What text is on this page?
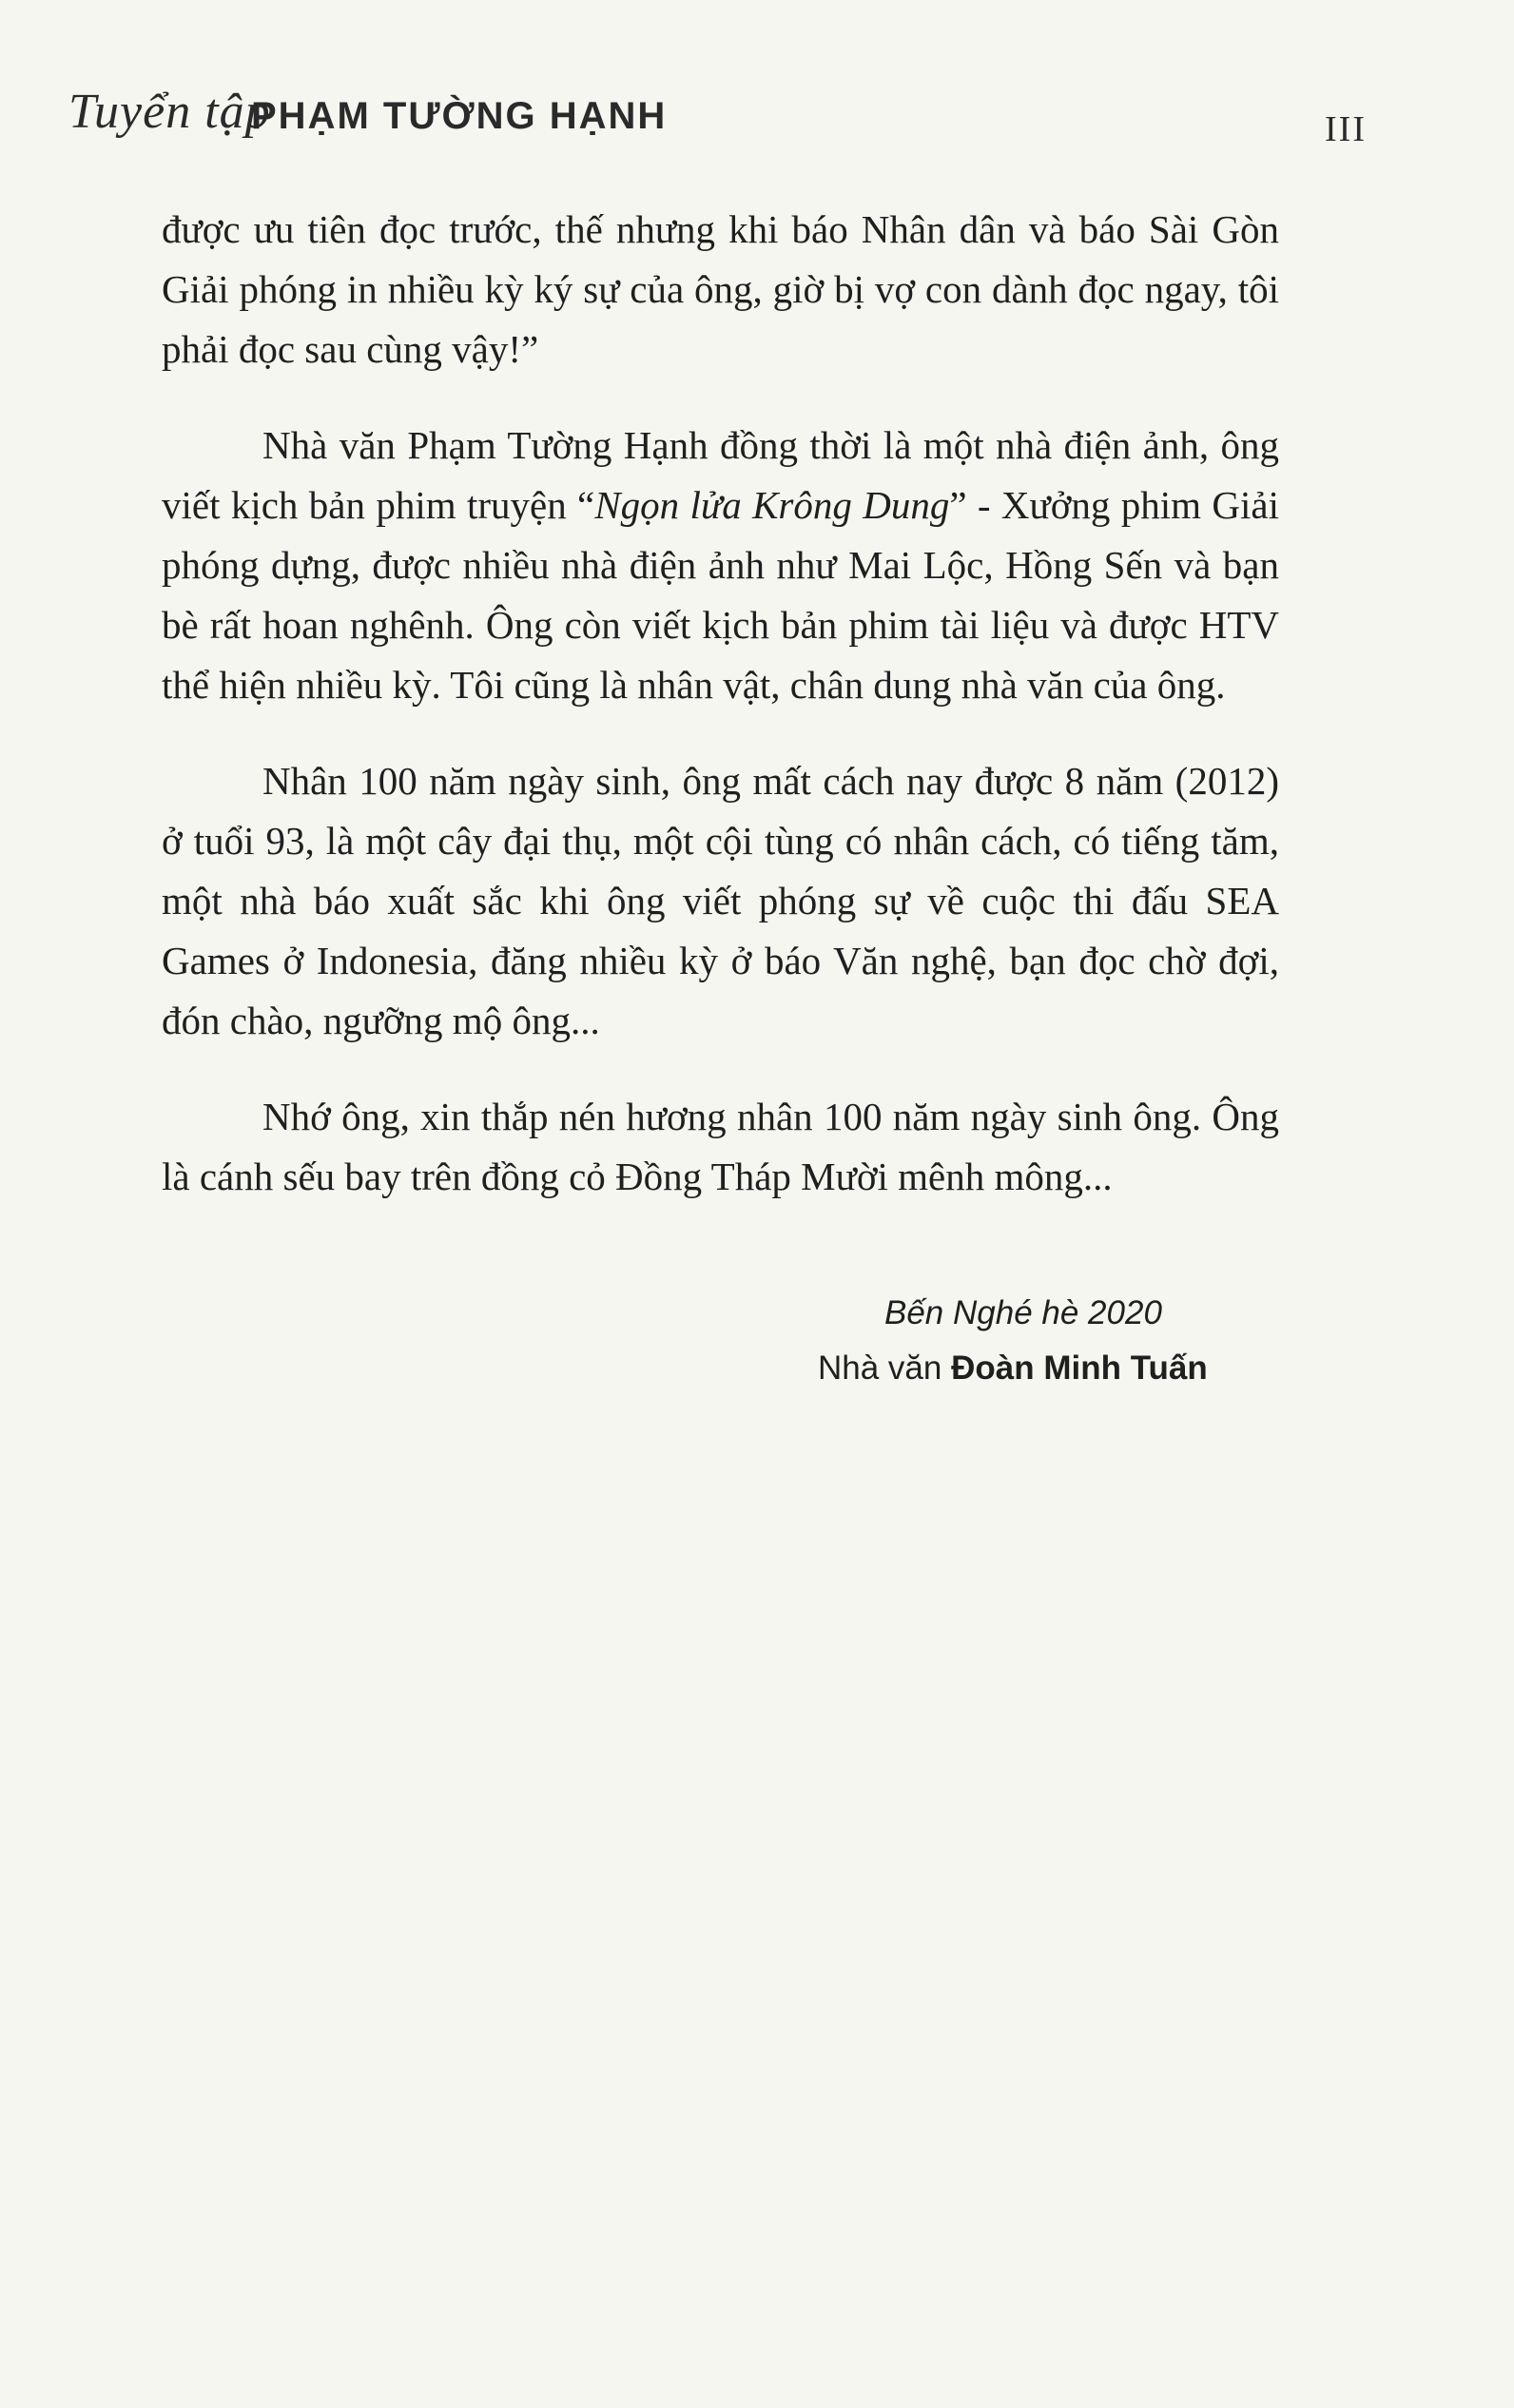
Tuyển tập
PHẠM TƯỜNG HẠNH	III

được ưu tiên đọc trước, thế nhưng khi báo Nhân dân và báo Sài Gòn Giải phóng in nhiều kỳ ký sự của ông, giờ bị vợ con dành đọc ngay, tôi phải đọc sau cùng vậy!”

Nhà văn Phạm Tường Hạnh đồng thời là một nhà điện ảnh, ông viết kịch bản phim truyện “Ngọn lửa Krông Dung” - Xưởng phim Giải phóng dựng, được nhiều nhà điện ảnh như Mai Lộc, Hồng Sến và bạn bè rất hoan nghênh. Ông còn viết kịch bản phim tài liệu và được HTV thể hiện nhiều kỳ. Tôi cũng là nhân vật, chân dung nhà văn của ông.

Nhân 100 năm ngày sinh, ông mất cách nay được 8 năm (2012) ở tuổi 93, là một cây đại thụ, một cội tùng có nhân cách, có tiếng tăm, một nhà báo xuất sắc khi ông viết phóng sự về cuộc thi đấu SEA Games ở Indonesia, đăng nhiều kỳ ở báo Văn nghệ, bạn đọc chờ đợi, đón chào, ngưỡng mộ ông...

Nhớ ông, xin thắp nén hương nhân 100 năm ngày sinh ông. Ông là cánh sếu bay trên đồng cỏ Đồng Tháp Mười mênh mông...

Bến Nghé hè 2020
Nhà văn Đoàn Minh Tuấn
